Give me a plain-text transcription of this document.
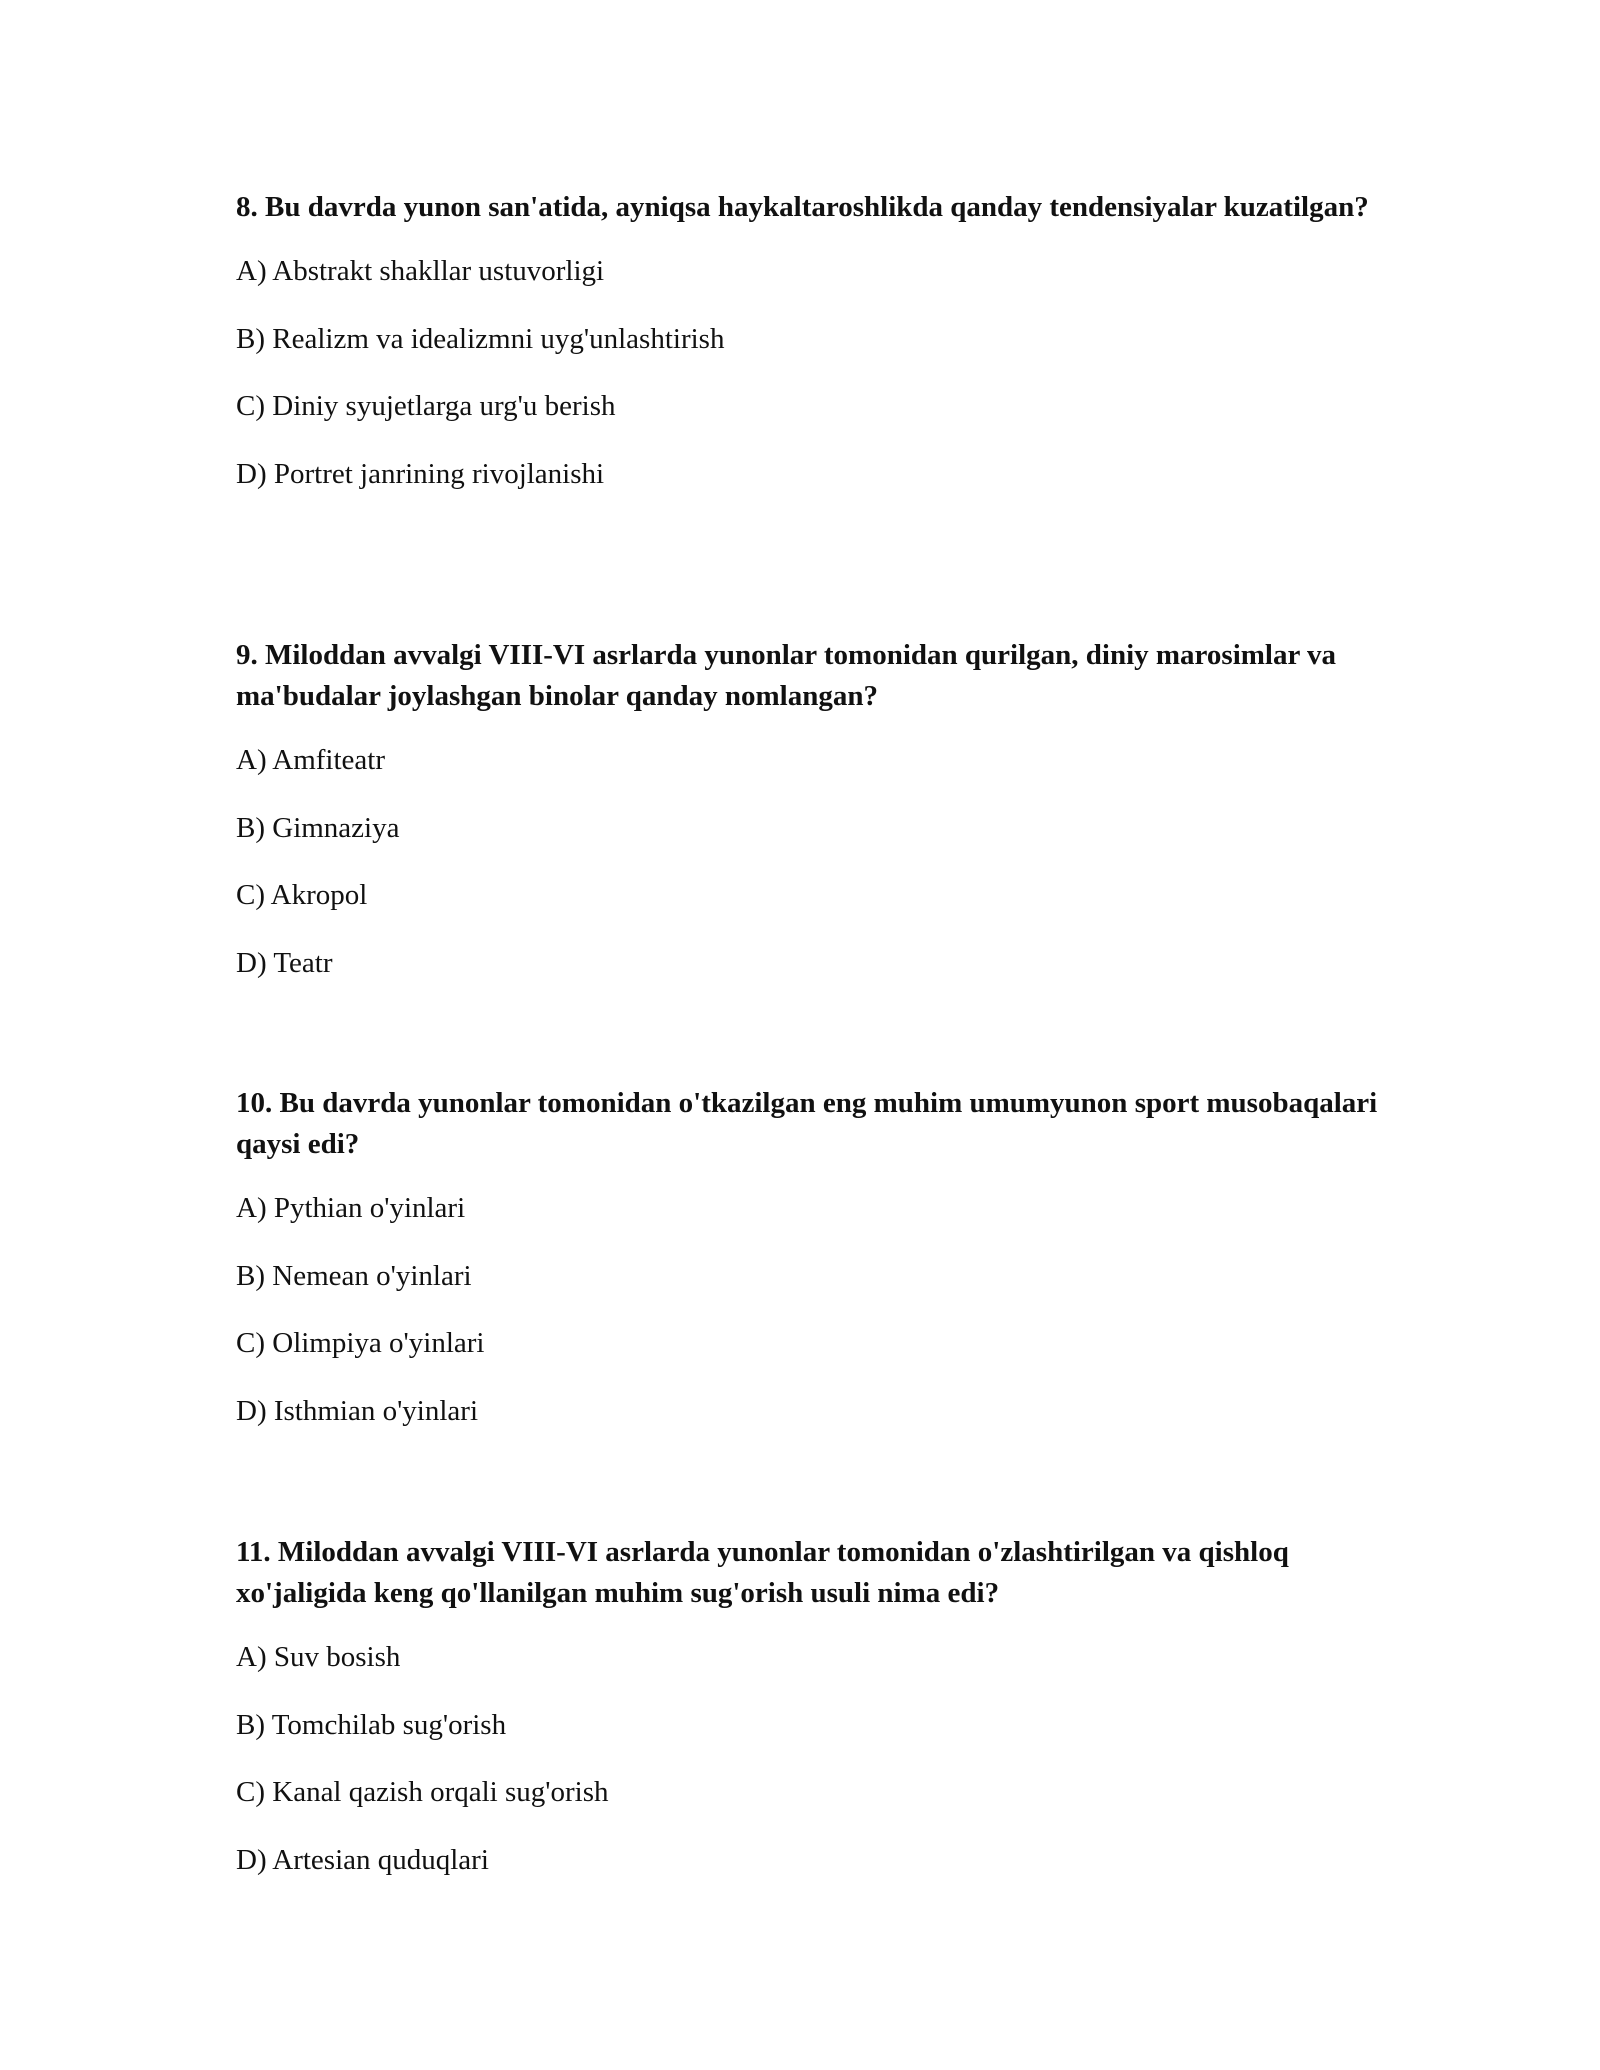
8. Bu davrda yunon san'atida, ayniqsa haykaltaroshlikda qanday tendensiyalar kuzatilgan?

A) Abstrakt shakllar ustuvorligi

B) Realizm va idealizmni uyg'unlashtirish

C) Diniy syujetlarga urg'u berish

D) Portret janrining rivojlanishi

9. Miloddan avvalgi VIII-VI asrlarda yunonlar tomonidan qurilgan, diniy marosimlar va ma'budalar joylashgan binolar qanday nomlangan?

A) Amfiteatr

B) Gimnaziya

C) Akropol

D) Teatr

10. Bu davrda yunonlar tomonidan o'tkazilgan eng muhim umumyunon sport musobaqalari qaysi edi?

A) Pythian o'yinlari

B) Nemean o'yinlari

C) Olimpiya o'yinlari

D) Isthmian o'yinlari

11. Miloddan avvalgi VIII-VI asrlarda yunonlar tomonidan o'zlashtirilgan va qishloq xo'jaligida keng qo'llanilgan muhim sug'orish usuli nima edi?

A) Suv bosish

B) Tomchilab sug'orish

C) Kanal qazish orqali sug'orish

D) Artesian quduqlari
